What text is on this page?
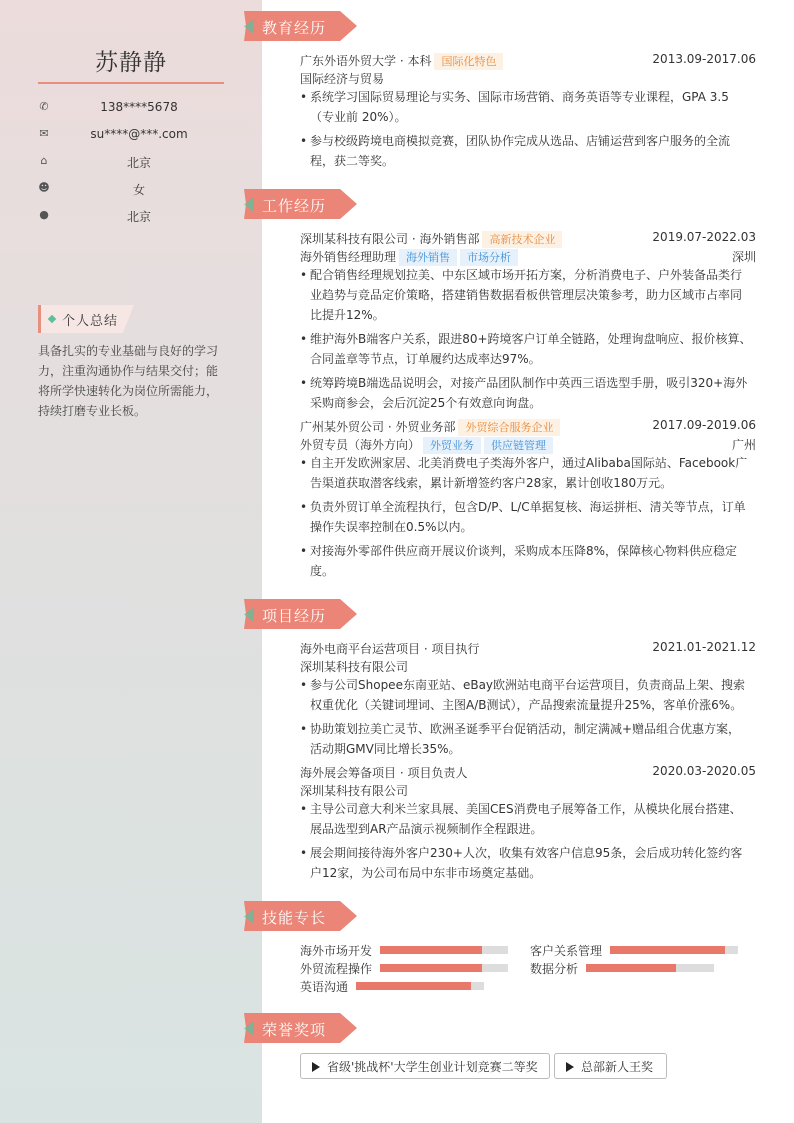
苏静静
✆	138****5678
✉	su****@***.com
⌂	北京
☻	女
●	北京
个人总结
具备扎实的专业基础与良好的学习力，注重沟通协作与结果交付；能将所学快速转化为岗位所需能力，持续打磨专业长板。
教育经历
广东外语外贸大学 · 本科 国际化特色	2013.09-2017.06
国际经济与贸易
• 系统学习国际贸易理论与实务、国际市场营销、商务英语等专业课程，GPA 3.5（专业前 20%）。
• 参与校级跨境电商模拟竞赛，团队协作完成从选品、店铺运营到客户服务的全流程，获二等奖。
工作经历
深圳某科技有限公司 · 海外销售部 高新技术企业	2019.07-2022.03
海外销售经理助理 海外销售 市场分析	深圳
• 配合销售经理规划拉美、中东区域市场开拓方案，分析消费电子、户外装备品类行业趋势与竞品定价策略，搭建销售数据看板供管理层决策参考，助力区域市占率同比提升12%。
• 维护海外B端客户关系，跟进80+跨境客户订单全链路，处理询盘响应、报价核算、合同盖章等节点，订单履约达成率达97%。
• 统筹跨境B端选品说明会，对接产品团队制作中英西三语选型手册，吸引320+海外采购商参会，会后沉淀25个有效意向询盘。
广州某外贸公司 · 外贸业务部 外贸综合服务企业	2017.09-2019.06
外贸专员（海外方向） 外贸业务 供应链管理	广州
• 自主开发欧洲家居、北美消费电子类海外客户，通过Alibaba国际站、Facebook广告渠道获取潜客线索，累计新增签约客户28家，累计创收180万元。
• 负责外贸订单全流程执行，包含D/P、L/C单据复核、海运拼柜、清关等节点，订单操作失误率控制在0.5%以内。
• 对接海外零部件供应商开展议价谈判，采购成本压降8%，保障核心物料供应稳定度。
项目经历
海外电商平台运营项目 · 项目执行	2021.01-2021.12
深圳某科技有限公司
• 参与公司Shopee东南亚站、eBay欧洲站电商平台运营项目，负责商品上架、搜索权重优化（关键词埋词、主图A/B测试），产品搜索流量提升25%，客单价涨6%。
• 协助策划拉美亡灵节、欧洲圣诞季平台促销活动，制定满减+赠品组合优惠方案，活动期GMV同比增长35%。
海外展会筹备项目 · 项目负责人	2020.03-2020.05
深圳某科技有限公司
• 主导公司意大利米兰家具展、美国CES消费电子展筹备工作，从模块化展台搭建、展品选型到AR产品演示视频制作全程跟进。
• 展会期间接待海外客户230+人次，收集有效客户信息95条，会后成功转化签约客户12家，为公司布局中东非市场奠定基础。
技能专长
海外市场开发	客户关系管理
外贸流程操作	数据分析
英语沟通
荣誉奖项
省级'挑战杯'大学生创业计划竞赛二等奖	总部新人王奖
